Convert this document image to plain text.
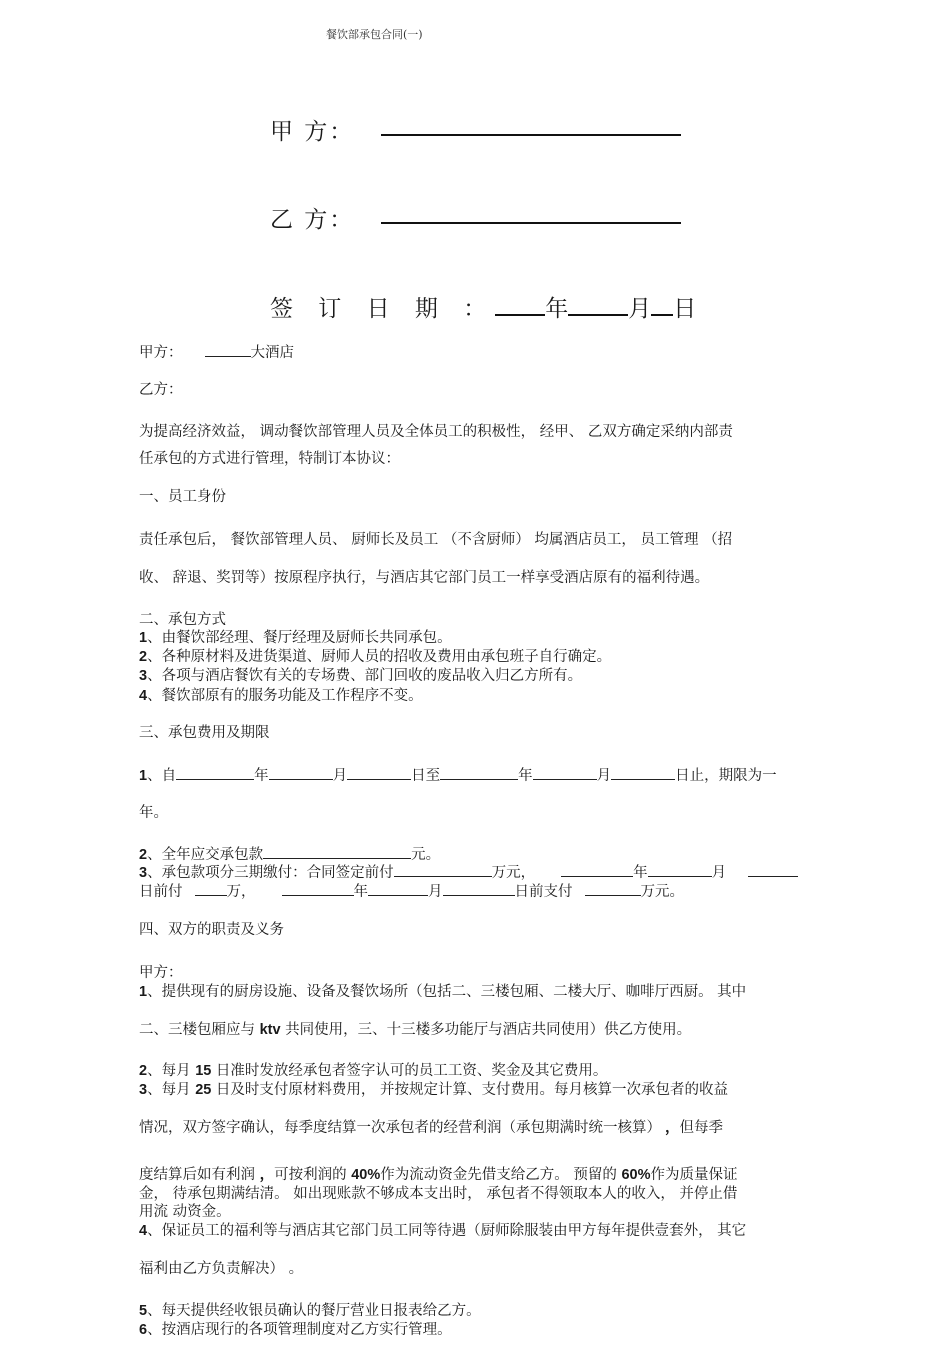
餐饮部承包合同(一)
甲 方：
乙 方：
签 订 日 期 ： 年	月 日
甲方：	大酒店
乙方：
为提高经济效益， 调动餐饮部管理人员及全体员工的积极性， 经甲、 乙双方确定采纳内部责
任承包的方式进行管理，特制订本协议：
一、员工身份
责任承包后， 餐饮部管理人员、 厨师长及员工 （不含厨师） 均属酒店员工， 员工管理 （招
收、 辞退、奖罚等）按原程序执行，与酒店其它部门员工一样享受酒店原有的福利待遇。
二、承包方式
1、由餐饮部经理、餐厅经理及厨师长共同承包。
2、各种原材料及进货渠道、厨师人员的招收及费用由承包班子自行确定。
3、各项与酒店餐饮有关的专场费、部门回收的废品收入归乙方所有。
4、餐饮部原有的服务功能及工作程序不变。
三、承包费用及期限
1、自	年	月	日至	年	月	日止，期限为一
年。
2、全年应交承包款	元。
3、承包款项分三期缴付：合同签定前付	万元，	年	月
日前付	万，	年	月	日前支付	万元。
四、双方的职责及义务
甲方：
1、提供现有的厨房设施、设备及餐饮场所（包括二、三楼包厢、二楼大厅、咖啡厅西厨。 其中
二、三楼包厢应与 ktv 共同使用，三、十三楼多功能厅与酒店共同使用）供乙方使用。
2、每月 15 日准时发放经承包者签字认可的员工工资、奖金及其它费用。
3、每月 25 日及时支付原材料费用， 并按规定计算、支付费用。每月核算一次承包者的收益
情况，双方签字确认，每季度结算一次承包者的经营利润（承包期满时统一核算） ，但每季
度结算后如有利润 ，可按利润的 40%作为流动资金先借支给乙方。 预留的 60%作为质量保证
金， 待承包期满结清。 如出现账款不够成本支出时， 承包者不得领取本人的收入， 并停止借
用流 动资金。
4、保证员工的福利等与酒店其它部门员工同等待遇（厨师除服装由甲方每年提供壹套外， 其它
福利由乙方负责解决） 。
5、每天提供经收银员确认的餐厅营业日报表给乙方。
6、按酒店现行的各项管理制度对乙方实行管理。
